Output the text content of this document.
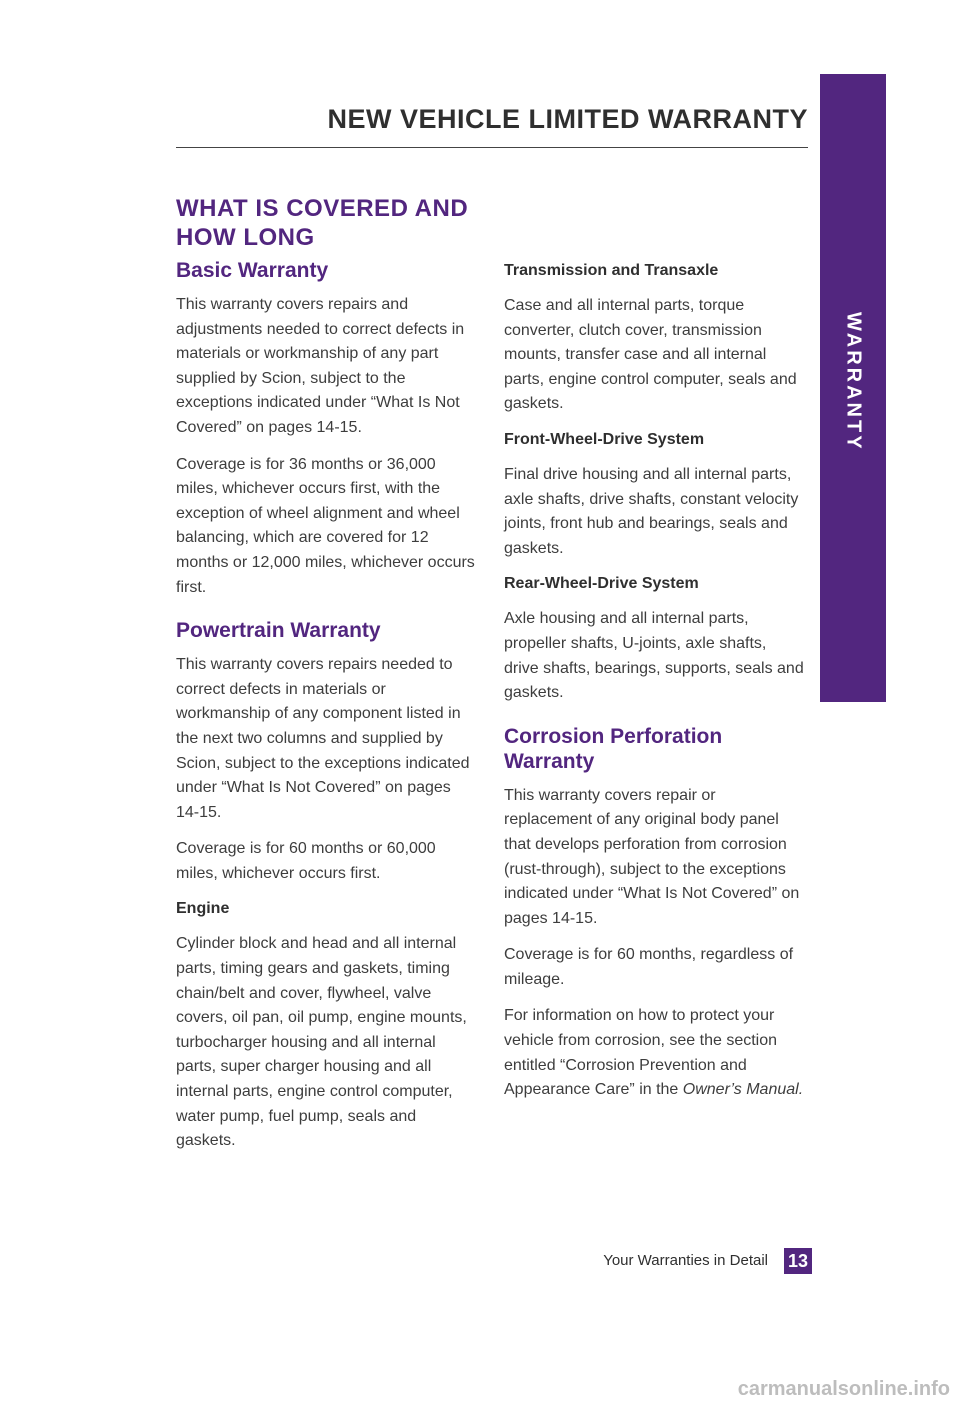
WARRANTY
NEW VEHICLE LIMITED WARRANTY
WHAT IS COVERED AND
HOW LONG
Basic Warranty

This warranty covers repairs and adjustments needed to correct defects in materials or workmanship of any part supplied by Scion, subject to the exceptions indicated under “What Is Not Covered” on pages 14-15.

Coverage is for 36 months or 36,000 miles, whichever occurs first, with the exception of wheel alignment and wheel balancing, which are covered for 12 months or 12,000 miles, whichever occurs first.

Powertrain Warranty

This warranty covers repairs needed to correct defects in materials or workmanship of any component listed in the next two columns and supplied by Scion, subject to the exceptions indicated under “What Is Not Covered” on pages 14-15.

Coverage is for 60 months or 60,000 miles, whichever occurs first.

Engine

Cylinder block and head and all internal parts, timing gears and gaskets, timing chain/belt and cover, flywheel, valve covers, oil pan, oil pump, engine mounts, turbocharger housing and all internal parts, super charger housing and all internal parts, engine control computer, water pump, fuel pump, seals and gaskets.

Transmission and Transaxle

Case and all internal parts, torque converter, clutch cover, transmission mounts, transfer case and all internal parts, engine control computer, seals and gaskets.

Front-Wheel-Drive System

Final drive housing and all internal parts, axle shafts, drive shafts, constant velocity joints, front hub and bearings, seals and gaskets.

Rear-Wheel-Drive System

Axle housing and all internal parts, propeller shafts, U-joints, axle shafts, drive shafts, bearings, supports, seals and gaskets.

Corrosion Perforation
Warranty

This warranty covers repair or replacement of any original body panel that develops perforation from corrosion (rust-through), subject to the exceptions indicated under “What Is Not Covered” on pages 14-15.

Coverage is for 60 months, regardless of mileage.

For information on how to protect your vehicle from corrosion, see the section entitled “Corrosion Prevention and Appearance Care” in the Owner’s Manual.

Your Warranties in Detail 13
carmanualsonline.info
